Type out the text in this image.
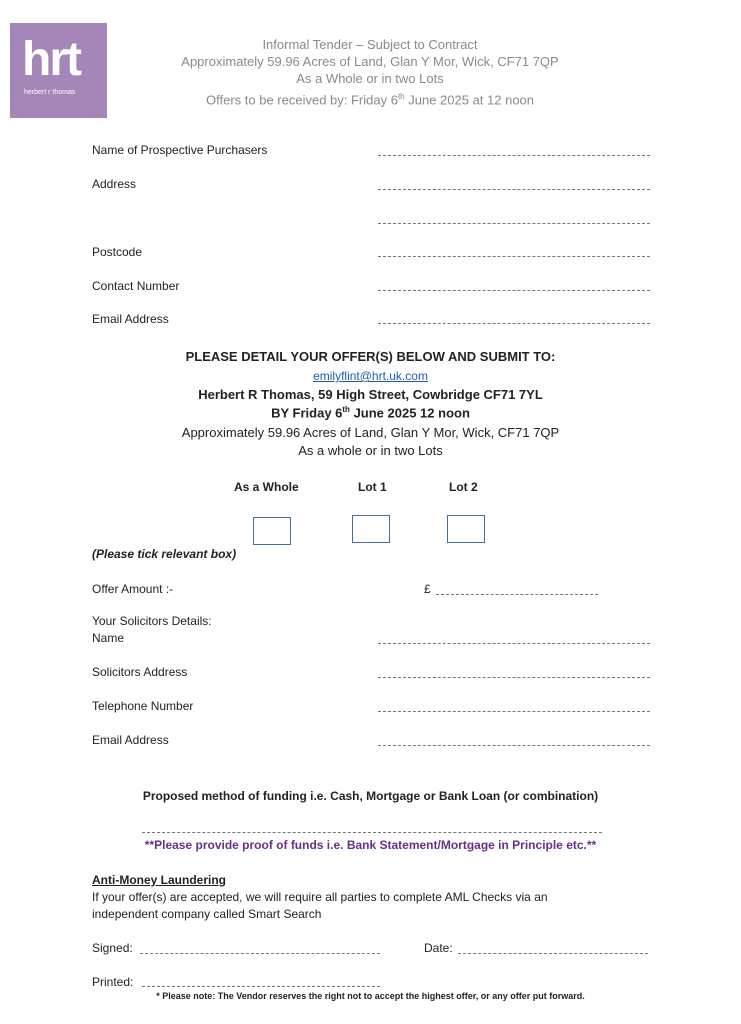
hrt
herbert r thomas
Informal Tender – Subject to Contract
Approximately 59.96 Acres of Land, Glan Y Mor, Wick, CF71 7QP
As a Whole or in two Lots
Offers to be received by: Friday 6th June 2025 at 12 noon
Name of Prospective Purchasers
Address
Postcode
Contact Number
Email Address
PLEASE DETAIL YOUR OFFER(S) BELOW AND SUBMIT TO:
emilyflint@hrt.uk.com
Herbert R Thomas, 59 High Street, Cowbridge CF71 7YL
BY Friday 6th June 2025 12 noon
Approximately 59.96 Acres of Land, Glan Y Mor, Wick, CF71 7QP
As a whole or in two Lots
As a Whole	Lot 1	Lot 2
(Please tick relevant box)
Offer Amount :-	£
Your Solicitors Details:
Name
Solicitors Address
Telephone Number
Email Address
Proposed method of funding i.e. Cash, Mortgage or Bank Loan (or combination)
**Please provide proof of funds i.e. Bank Statement/Mortgage in Principle etc.**
Anti-Money Laundering
If your offer(s) are accepted, we will require all parties to complete AML Checks via an
independent company called Smart Search
Signed:	Date:
Printed:
* Please note: The Vendor reserves the right not to accept the highest offer, or any offer put forward.
